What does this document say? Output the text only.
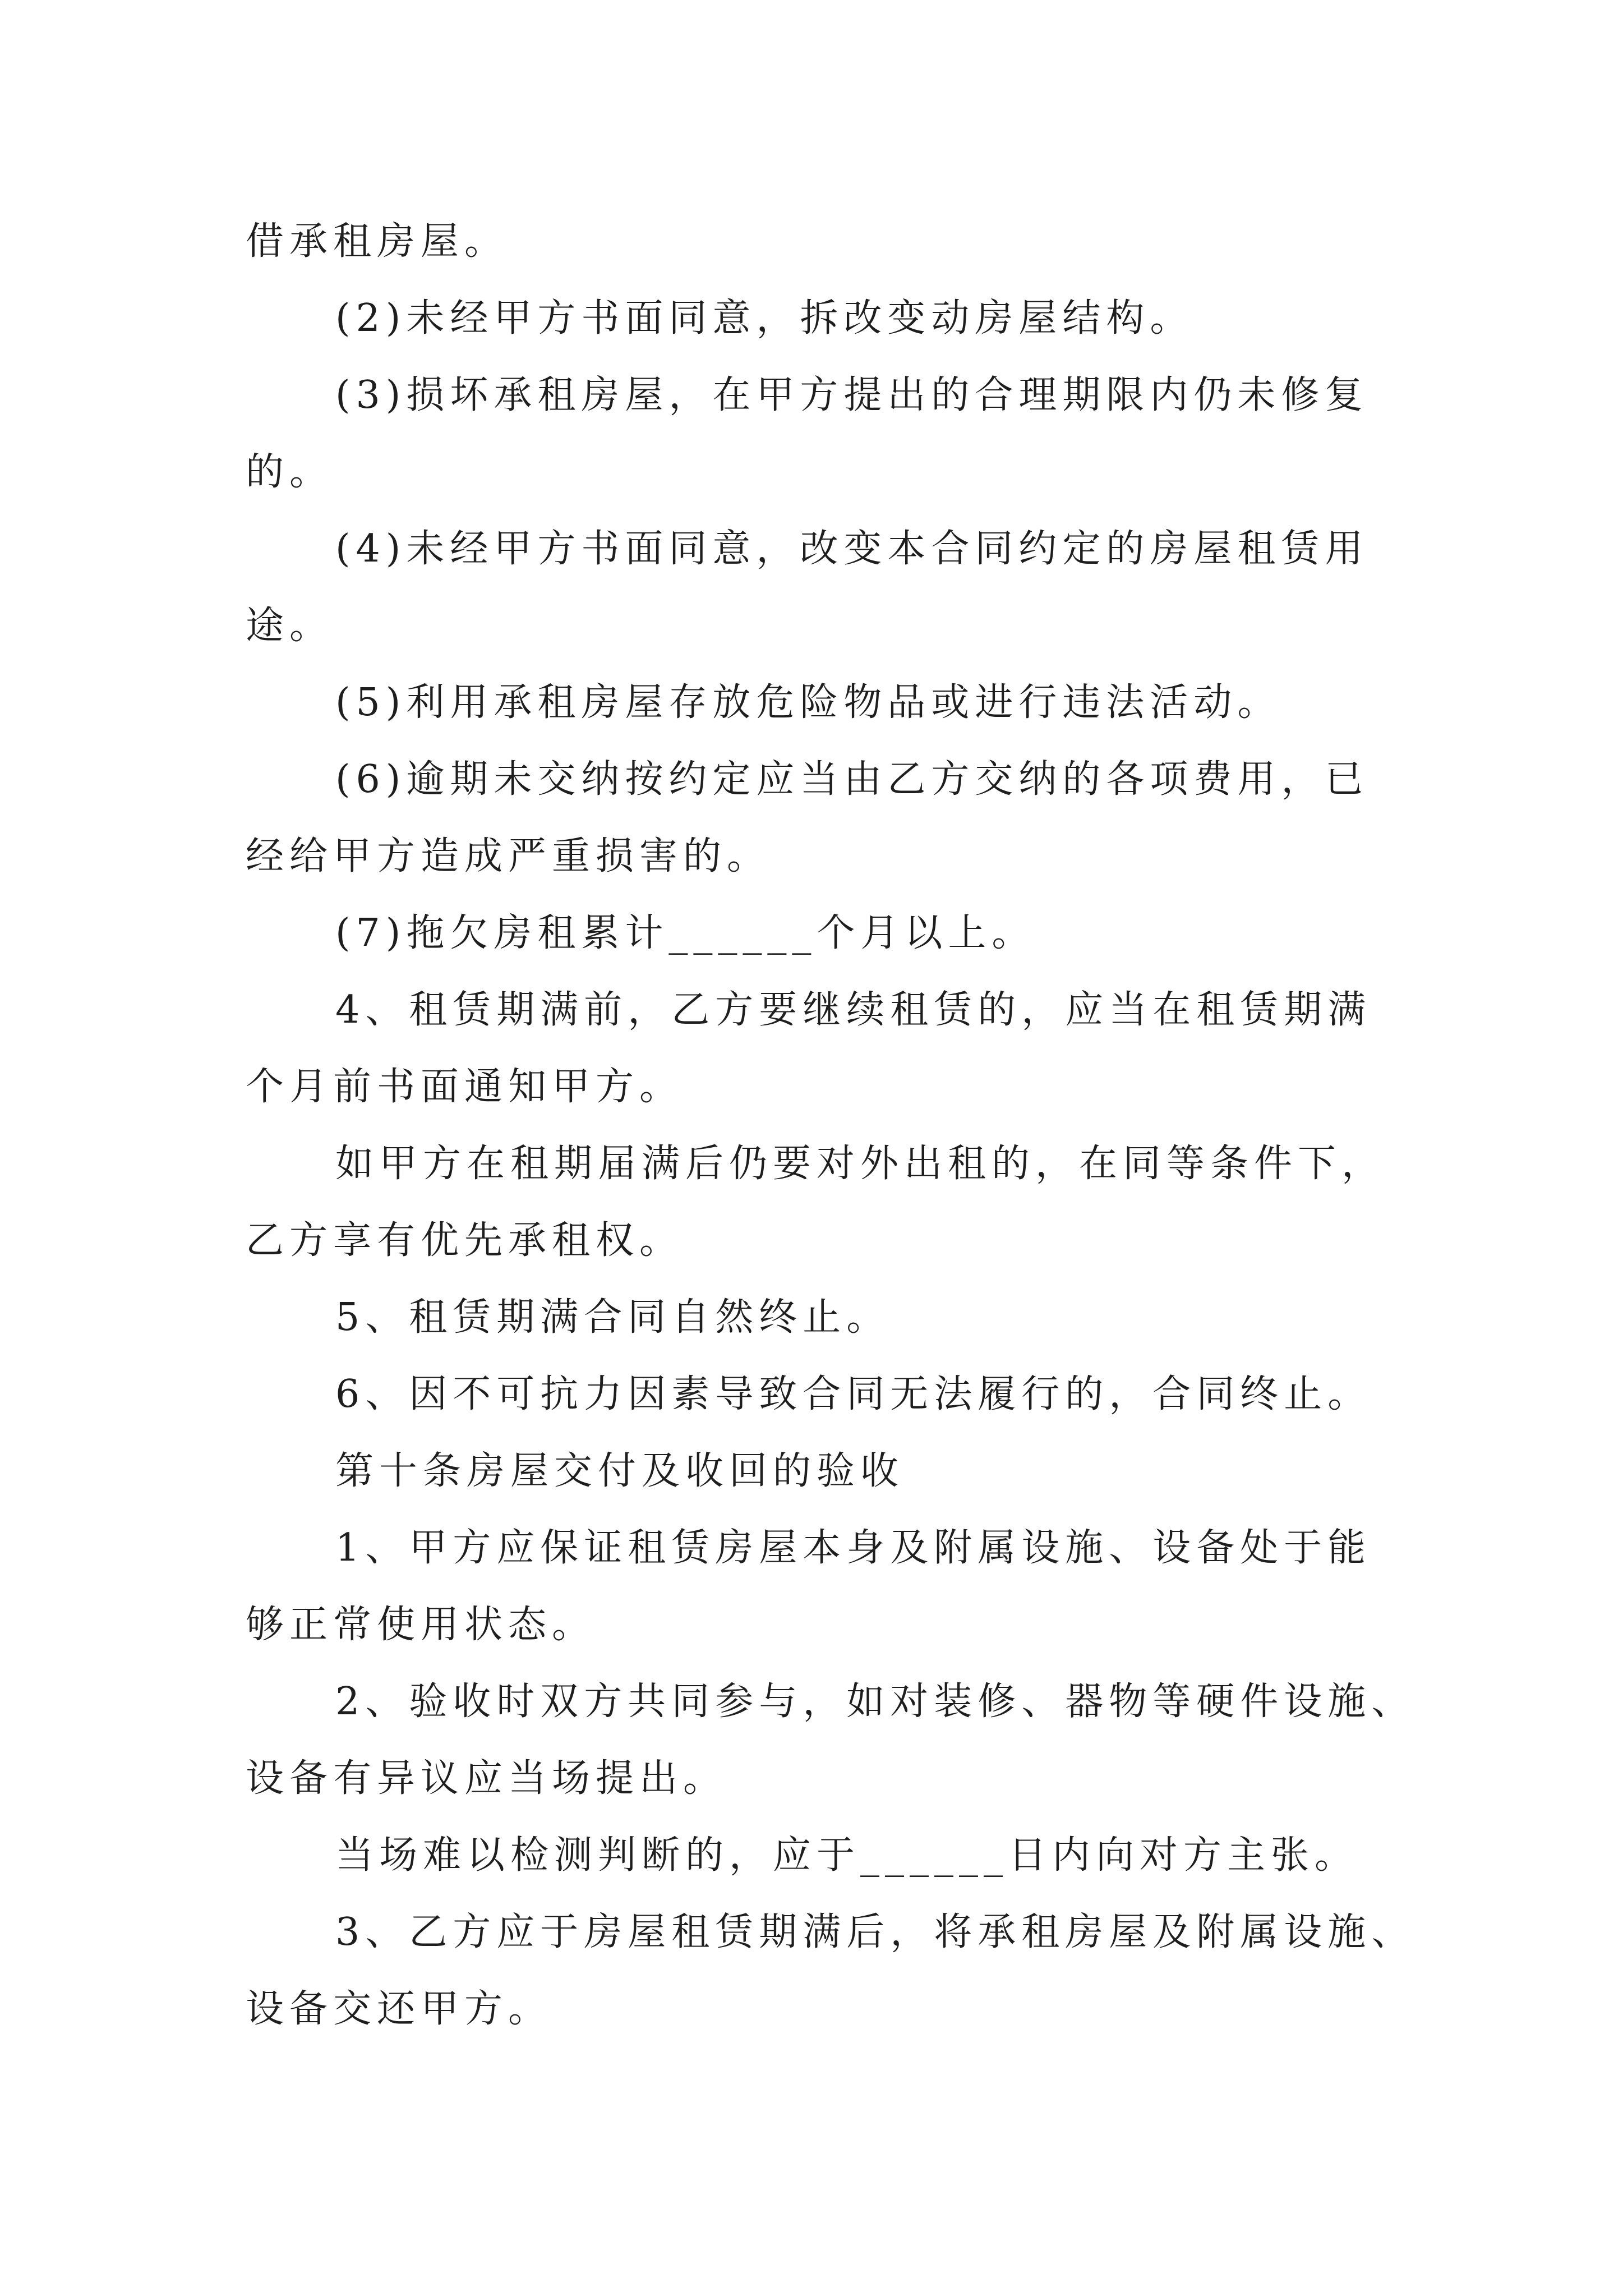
借承租房屋。
(2)未经甲方书面同意，拆改变动房屋结构。
(3)损坏承租房屋，在甲方提出的合理期限内仍未修复
的。
(4)未经甲方书面同意，改变本合同约定的房屋租赁用
途。
(5)利用承租房屋存放危险物品或进行违法活动。
(6)逾期未交纳按约定应当由乙方交纳的各项费用，已
经给甲方造成严重损害的。
(7)拖欠房租累计______个月以上。
4、租赁期满前，乙方要继续租赁的，应当在租赁期满
个月前书面通知甲方。
如甲方在租期届满后仍要对外出租的，在同等条件下，
乙方享有优先承租权。
5、租赁期满合同自然终止。
6、因不可抗力因素导致合同无法履行的，合同终止。
第十条房屋交付及收回的验收
1、甲方应保证租赁房屋本身及附属设施、设备处于能
够正常使用状态。
2、验收时双方共同参与，如对装修、器物等硬件设施、
设备有异议应当场提出。
当场难以检测判断的，应于______日内向对方主张。
3、乙方应于房屋租赁期满后，将承租房屋及附属设施、
设备交还甲方。
